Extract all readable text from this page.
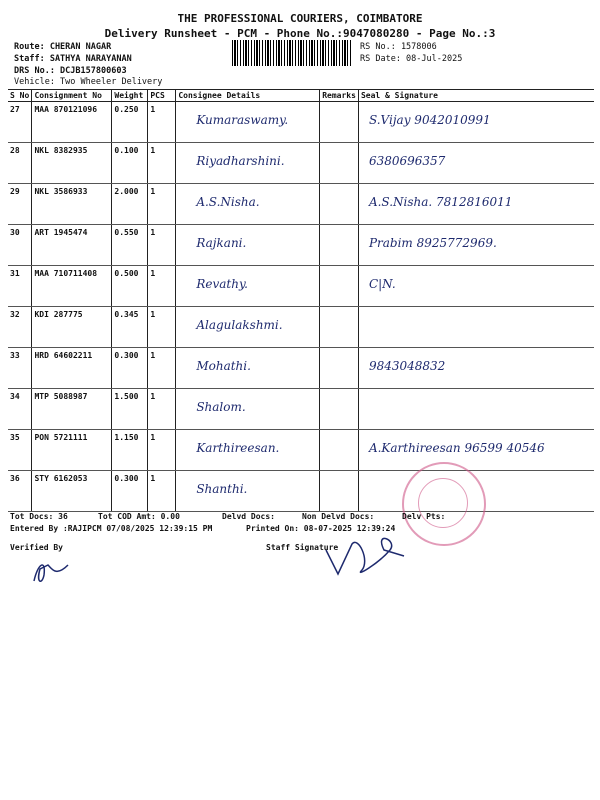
THE PROFESSIONAL COURIERS, COIMBATORE
Delivery Runsheet - PCM - Phone No.:9047080280 - Page No.:3
Route: CHERAN NAGAR
Staff: SATHYA NARAYANAN
DRS No.: DCJB157800603
Vehicle: Two Wheeler Delivery
RS No.: 1578006
RS Date: 08-Jul-2025
S No	Consignment No	Weight	PCS	Consignee Details	Remarks	Seal & Signature
27	MAA 870121096	0.250	1	Kumaraswamy.		S.Vijay 9042010991
28	NKL 8382935	0.100	1	Riyadharshini.		6380696357
29	NKL 3586933	2.000	1	A.S.Nisha.		A.S.Nisha. 7812816011
30	ART 1945474	0.550	1	Rajkani.		Prabim 8925772969.
31	MAA 710711408	0.500	1	Revathy.		C|N.
32	KDI 287775	0.345	1	Alagulakshmi.		
33	HRD 64602211	0.300	1	Mohathi.		9843048832
34	MTP 5088987	1.500	1	Shalom.		
35	PON 5721111	1.150	1	Karthireesan.		A.Karthireesan 96599 40546
36	STY 6162053	0.300	1	Shanthi.		
Tot Docs: 36	Tot COD Amt: 0.00	Delvd Docs:	Non Delvd Docs:	Delv Pts:
Entered By :RAJIPCM 07/08/2025 12:39:15 PM	Printed On: 08-07-2025 12:39:24
Verified By	Staff Signature
